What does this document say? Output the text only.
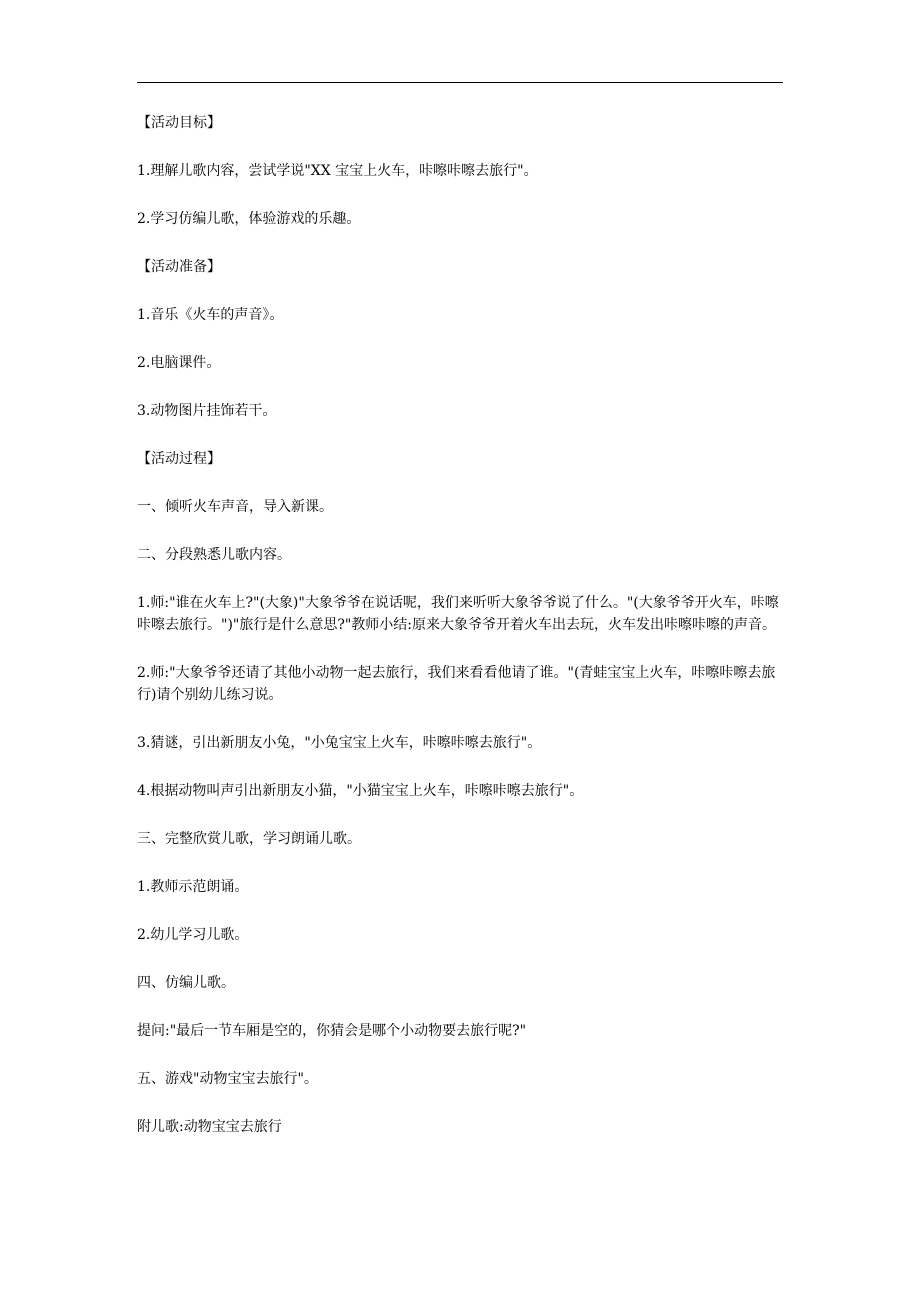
【活动目标】

1.理解儿歌内容，尝试学说"XX 宝宝上火车，咔嚓咔嚓去旅行"。

2.学习仿编儿歌，体验游戏的乐趣。

【活动准备】

1.音乐《火车的声音》。

2.电脑课件。

3.动物图片挂饰若干。

【活动过程】

一、倾听火车声音，导入新课。

二、分段熟悉儿歌内容。

1.师:"谁在火车上?"(大象)"大象爷爷在说话呢，我们来听听大象爷爷说了什么。"(大象爷爷开火车，咔嚓咔嚓去旅行。")"旅行是什么意思?"教师小结:原来大象爷爷开着火车出去玩，火车发出咔嚓咔嚓的声音。

2.师:"大象爷爷还请了其他小动物一起去旅行，我们来看看他请了谁。"(青蛙宝宝上火车，咔嚓咔嚓去旅行)请个别幼儿练习说。

3.猜谜，引出新朋友小兔，"小兔宝宝上火车，咔嚓咔嚓去旅行"。

4.根据动物叫声引出新朋友小猫，"小猫宝宝上火车，咔嚓咔嚓去旅行"。

三、完整欣赏儿歌，学习朗诵儿歌。

1.教师示范朗诵。

2.幼儿学习儿歌。

四、仿编儿歌。

提问:"最后一节车厢是空的，你猜会是哪个小动物要去旅行呢?"

五、游戏"动物宝宝去旅行"。

附儿歌:动物宝宝去旅行
